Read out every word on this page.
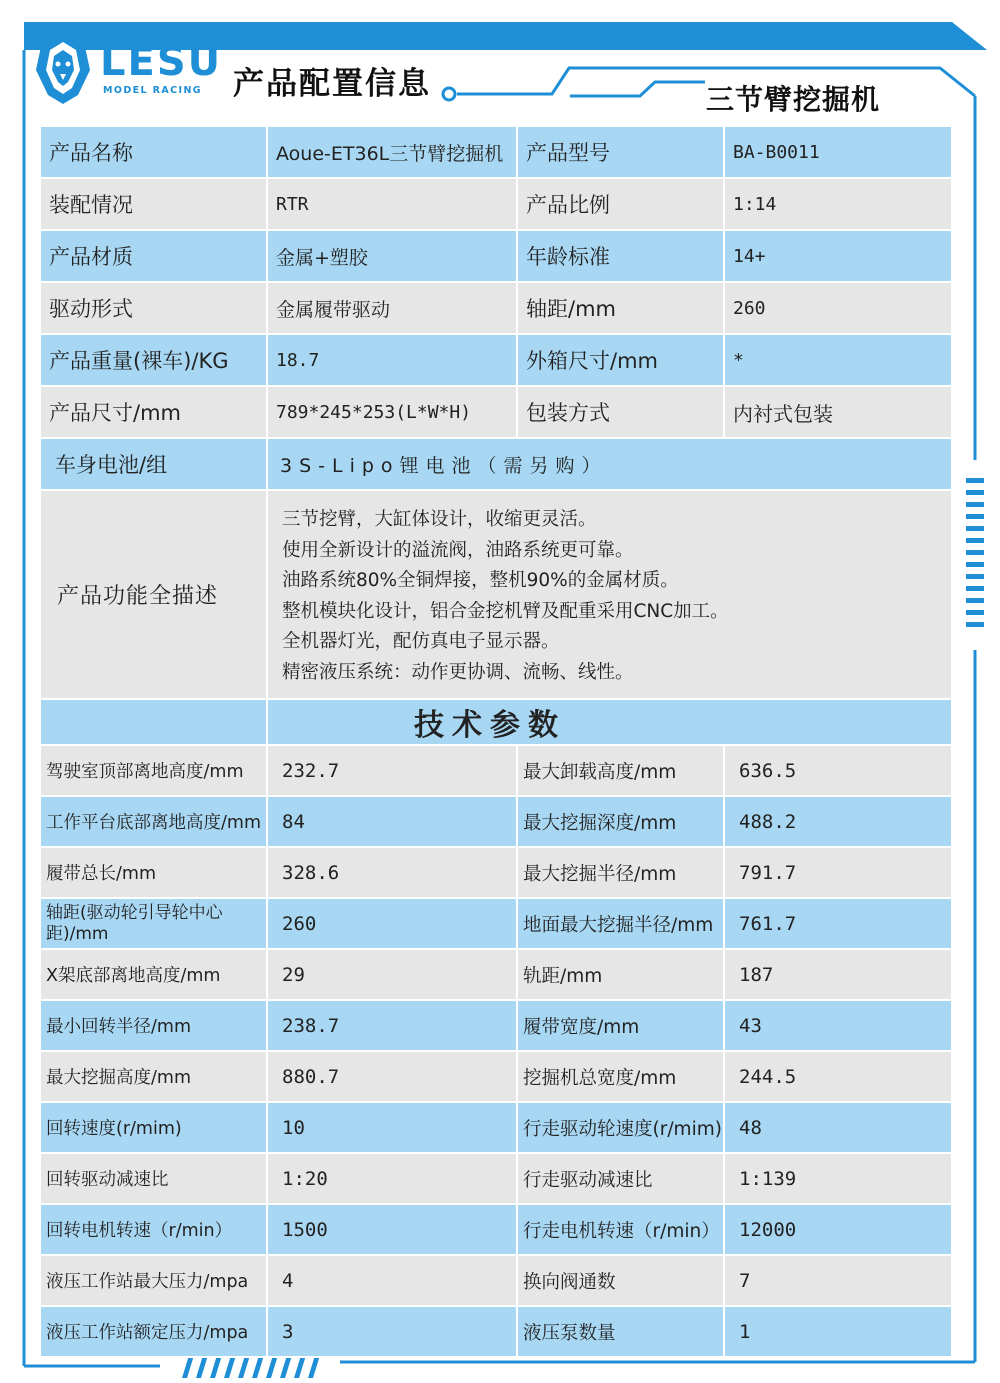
LESU
MODEL RACING 产品配置信息	三节臂挖掘机
产品名称	Aoue-ET36L三节臂挖掘机	产品型号	BA-B0011
装配情况	RTR	产品比例	1:14
产品材质	金属+塑胶	年龄标准	14+
驱动形式	金属履带驱动	轴距/mm	260
产品重量(裸车)/KG	18.7	外箱尺寸/mm	*
产品尺寸/mm	789*245*253(L*W*H)	包装方式	内衬式包装
车身电池/组	3S-Lipo锂电池（需另购）
产品功能全描述
三节挖臂，大缸体设计，收缩更灵活。
使用全新设计的溢流阀，油路系统更可靠。
油路系统80%全铜焊接，整机90%的金属材质。
整机模块化设计，铝合金挖机臂及配重采用CNC加工。
全机器灯光，配仿真电子显示器。
精密液压系统：动作更协调、流畅、线性。
技术参数
驾驶室顶部离地高度/mm	232.7	最大卸载高度/mm	636.5
工作平台底部离地高度/mm	84	最大挖掘深度/mm	488.2
履带总长/mm	328.6	最大挖掘半径/mm	791.7
轴距(驱动轮引导轮中心距)/mm	260	地面最大挖掘半径/mm	761.7
X架底部离地高度/mm	29	轨距/mm	187
最小回转半径/mm	238.7	履带宽度/mm	43
最大挖掘高度/mm	880.7	挖掘机总宽度/mm	244.5
回转速度(r/mim)	10	行走驱动轮速度(r/mim) 48
回转驱动减速比	1:20	行走驱动减速比	1:139
回转电机转速（r/min）	1500	行走电机转速（r/min）	12000
液压工作站最大压力/mpa	4	换向阀通数	7
液压工作站额定压力/mpa	3	液压泵数量	1
